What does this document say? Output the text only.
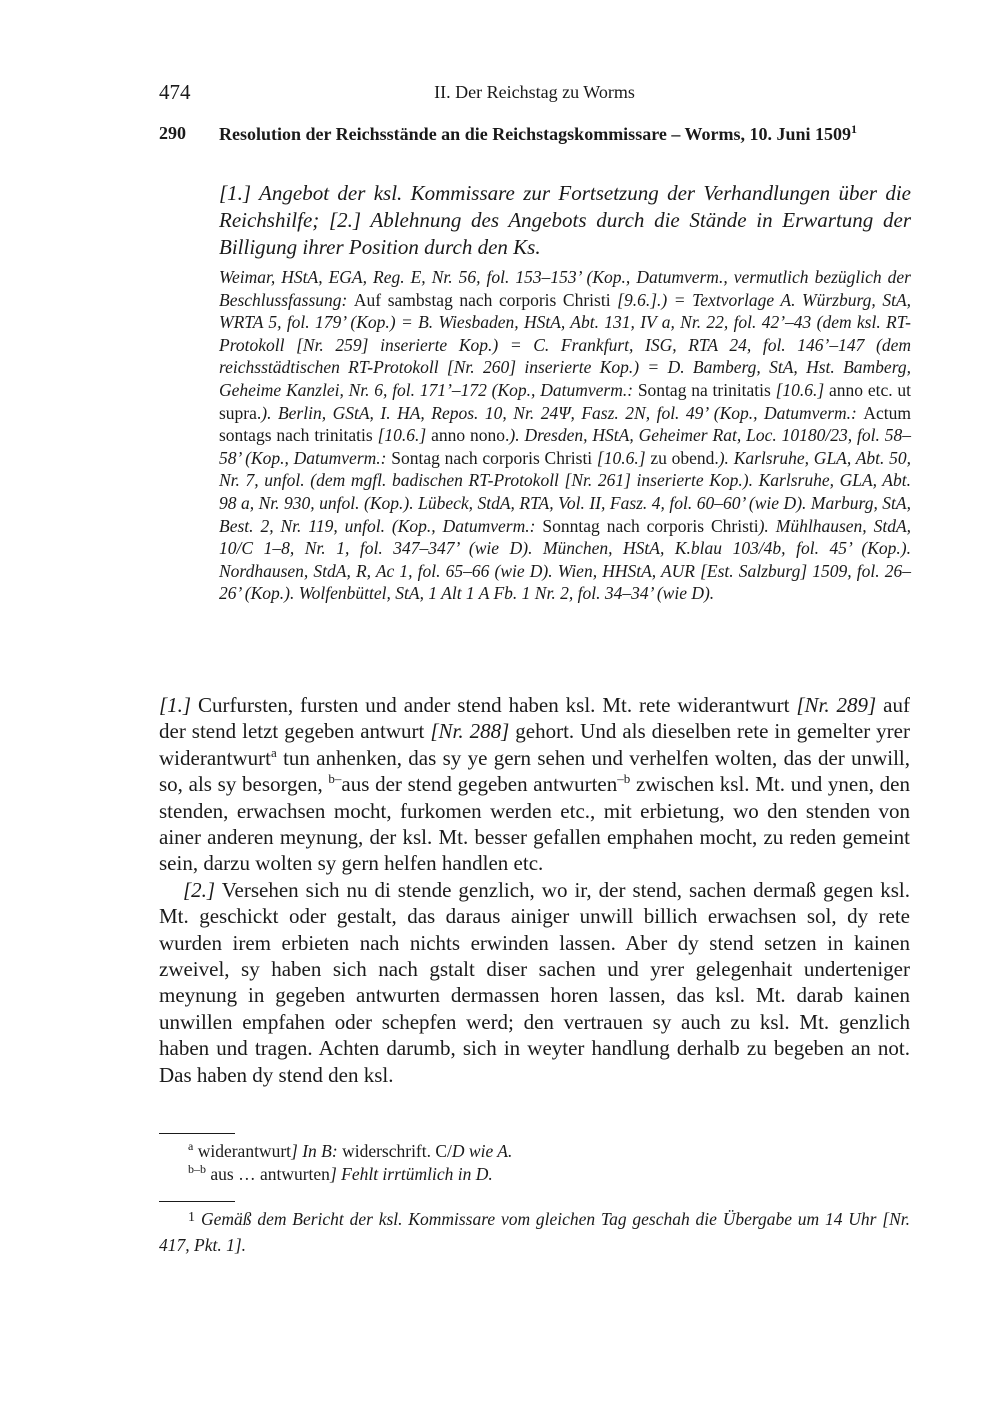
474	II. Der Reichstag zu Worms
290 Resolution der Reichsstände an die Reichstagskommissare – Worms, 10. Juni 1509$^1$
[1.] Angebot der ksl. Kommissare zur Fortsetzung der Verhandlungen über die Reichshilfe; [2.] Ablehnung des Angebots durch die Stände in Erwartung der Billigung ihrer Position durch den Ks.
Weimar, HStA, EGA, Reg. E, Nr. 56, fol. 153–153’ (Kop., Datumverm., vermutlich bezüglich der Beschlussfassung: Auf sambstag nach corporis Christi [9.6.].) = Textvorlage A. Würzburg, StA, WRTA 5, fol. 179’ (Kop.) = B. Wiesbaden, HStA, Abt. 131, IV a, Nr. 22, fol. 42’–43 (dem ksl. RT-Protokoll [Nr. 259] inserierte Kop.) = C. Frankfurt, ISG, RTA 24, fol. 146’–147 (dem reichsstädtischen RT-Protokoll [Nr. 260] inserierte Kop.) = D. Bamberg, StA, Hst. Bamberg, Geheime Kanzlei, Nr. 6, fol. 171’–172 (Kop., Datumverm.: Sontag na trinitatis [10.6.] anno etc. ut supra.). Berlin, GStA, I. HA, Repos. 10, Nr. 24Ψ, Fasz. 2N, fol. 49’ (Kop., Datumverm.: Actum sontags nach trinitatis [10.6.] anno nono.). Dresden, HStA, Geheimer Rat, Loc. 10180/23, fol. 58–58’ (Kop., Datumverm.: Sontag nach corporis Christi [10.6.] zu obend.). Karlsruhe, GLA, Abt. 50, Nr. 7, unfol. (dem mgfl. badischen RT-Protokoll [Nr. 261] inserierte Kop.). Karlsruhe, GLA, Abt. 98 a, Nr. 930, unfol. (Kop.). Lübeck, StdA, RTA, Vol. II, Fasz. 4, fol. 60–60’ (wie D). Marburg, StA, Best. 2, Nr. 119, unfol. (Kop., Datumverm.: Sonntag nach corporis Christi). Mühlhausen, StdA, 10/C 1–8, Nr. 1, fol. 347–347’ (wie D). München, HStA, K.blau 103/4b, fol. 45’ (Kop.). Nordhausen, StdA, R, Ac 1, fol. 65–66 (wie D). Wien, HHStA, AUR [Est. Salzburg] 1509, fol. 26–26’ (Kop.). Wolfenbüttel, StA, 1 Alt 1 A Fb. 1 Nr. 2, fol. 34–34’ (wie D).

[1.] Curfursten, fursten und ander stend haben ksl. Mt. rete widerantwurt [Nr. 289] auf der stend letzt gegeben antwurt [Nr. 288] gehort. Und als dieselben rete in gemelter yrer widerantwurt$^a$ tun anhenken, das sy ye gern sehen und verhelfen wolten, das der unwill, so, als sy besorgen, $^{b-}$aus der stend gegeben antwurten$^{-b}$ zwischen ksl. Mt. und ynen, den stenden, erwachsen mocht, furkomen werden etc., mit erbietung, wo den stenden von ainer anderen meynung, der ksl. Mt. besser gefallen emphahen mocht, zu reden gemeint sein, darzu wolten sy gern helfen handlen etc.

[2.] Versehen sich nu di stende genzlich, wo ir, der stend, sachen dermaß gegen ksl. Mt. geschickt oder gestalt, das daraus ainiger unwill billich erwachsen sol, dy rete wurden irem erbieten nach nichts erwinden lassen. Aber dy stend setzen in kainen zweivel, sy haben sich nach gstalt diser sachen und yrer gelegenhait underteniger meynung in gegeben antwurten dermassen horen lassen, das ksl. Mt. darab kainen unwillen empfahen oder schepfen werd; den vertrauen sy auch zu ksl. Mt. genzlich haben und tragen. Achten darumb, sich in weyter handlung derhalb zu begeben an not. Das haben dy stend den ksl.

$^a$ widerantwurt] In B: widerschrift. C/D wie A.
$^{b-b}$ aus … antwurten] Fehlt irrtümlich in D.
$^1$ Gemäß dem Bericht der ksl. Kommissare vom gleichen Tag geschah die Übergabe um 14 Uhr [Nr. 417, Pkt. 1].
